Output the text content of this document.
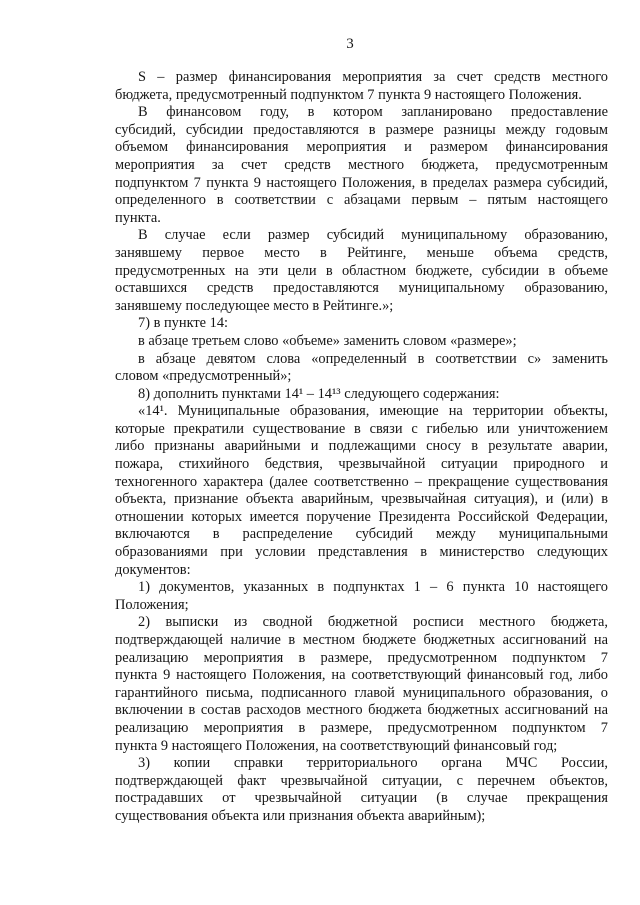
3
S – размер финансирования мероприятия за счет средств местного
бюджета, предусмотренный подпунктом 7 пункта 9 настоящего Положения.
В финансовом году, в котором запланировано предоставление
субсидий, субсидии предоставляются в размере разницы между годовым
объемом финансирования мероприятия и размером финансирования
мероприятия за счет средств местного бюджета, предусмотренным
подпунктом 7 пункта 9 настоящего Положения, в пределах размера субсидий,
определенного в соответствии с абзацами первым – пятым настоящего
пункта.
В случае если размер субсидий муниципальному образованию,
занявшему первое место в Рейтинге, меньше объема средств,
предусмотренных на эти цели в областном бюджете, субсидии в объеме
оставшихся средств предоставляются муниципальному образованию,
занявшему последующее место в Рейтинге.»;
7) в пункте 14:
в абзаце третьем слово «объеме» заменить словом «размере»;
в абзаце девятом слова «определенный в соответствии с» заменить
словом «предусмотренный»;
8) дополнить пунктами 14¹ – 14¹³ следующего содержания:
«14¹. Муниципальные образования, имеющие на территории объекты,
которые прекратили существование в связи с гибелью или уничтожением
либо признаны аварийными и подлежащими сносу в результате аварии,
пожара, стихийного бедствия, чрезвычайной ситуации природного и
техногенного характера (далее соответственно – прекращение существования
объекта, признание объекта аварийным, чрезвычайная ситуация), и (или) в
отношении которых имеется поручение Президента Российской Федерации,
включаются в распределение субсидий между муниципальными
образованиями при условии представления в министерство следующих
документов:
1) документов, указанных в подпунктах 1 – 6 пункта 10 настоящего
Положения;
2) выписки из сводной бюджетной росписи местного бюджета,
подтверждающей наличие в местном бюджете бюджетных ассигнований на
реализацию мероприятия в размере, предусмотренном подпунктом 7
пункта 9 настоящего Положения, на соответствующий финансовый год, либо
гарантийного письма, подписанного главой муниципального образования, о
включении в состав расходов местного бюджета бюджетных ассигнований на
реализацию мероприятия в размере, предусмотренном подпунктом 7
пункта 9 настоящего Положения, на соответствующий финансовый год;
3) копии справки территориального органа МЧС России,
подтверждающей факт чрезвычайной ситуации, с перечнем объектов,
пострадавших от чрезвычайной ситуации (в случае прекращения
существования объекта или признания объекта аварийным);
